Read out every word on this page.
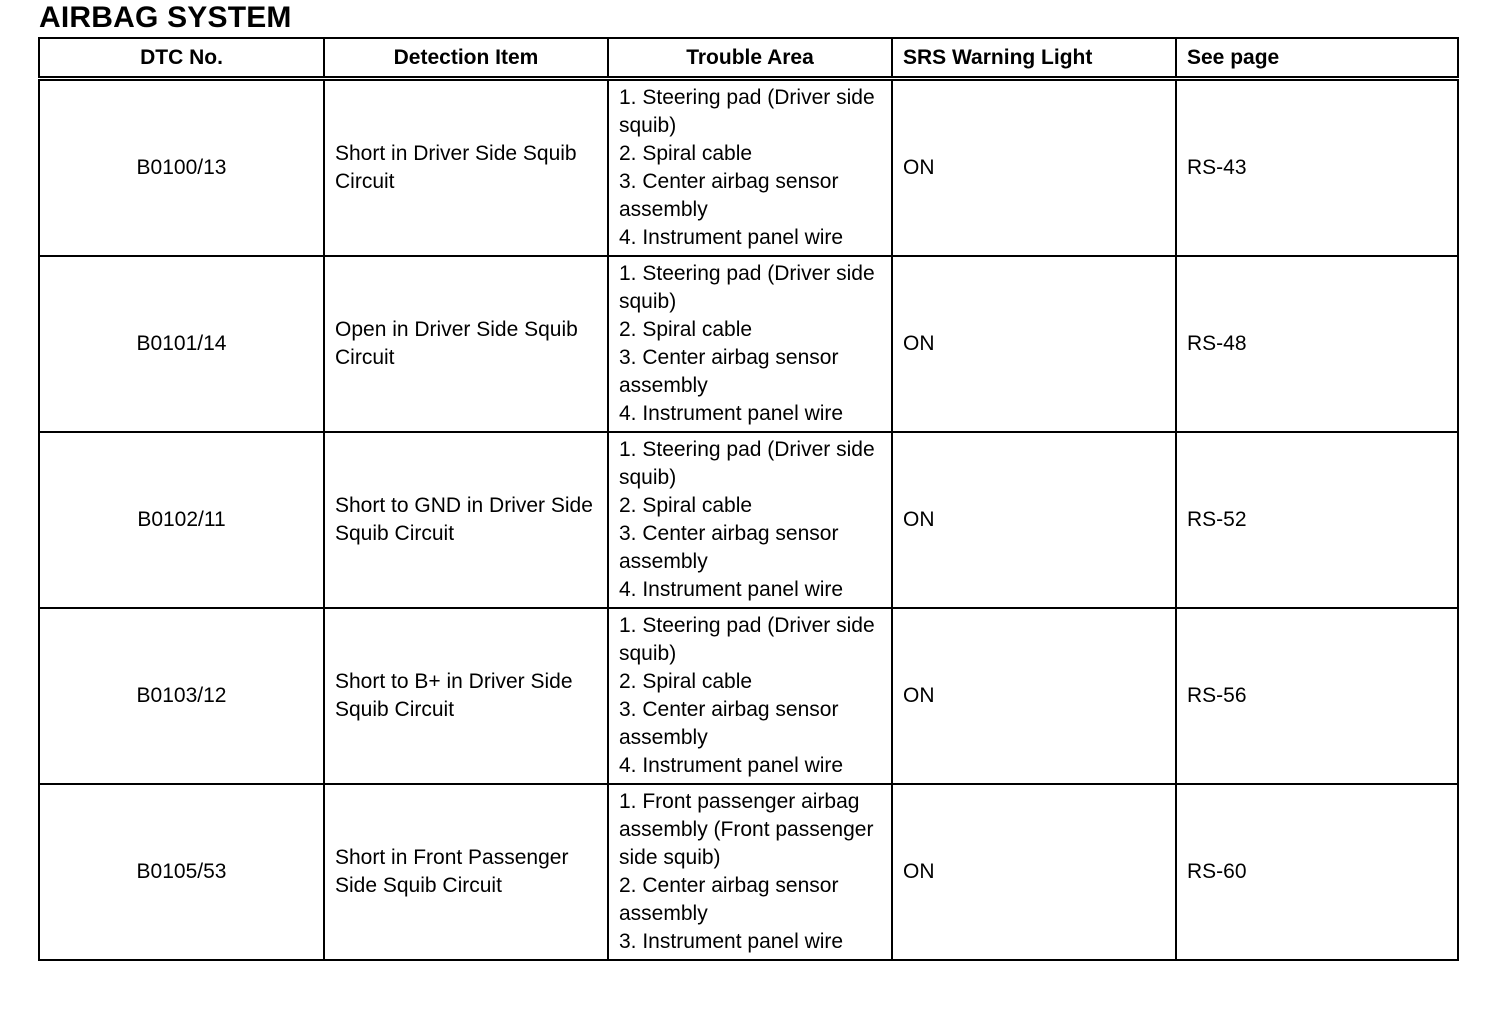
AIRBAG SYSTEM
DTC No.	Detection Item	Trouble Area	SRS Warning Light	See page
B0100/13	Short in Driver Side Squib Circuit	1. Steering pad (Driver side squib)
2. Spiral cable
3. Center airbag sensor assembly
4. Instrument panel wire	ON	RS-43
B0101/14	Open in Driver Side Squib Circuit	1. Steering pad (Driver side squib)
2. Spiral cable
3. Center airbag sensor assembly
4. Instrument panel wire	ON	RS-48
B0102/11	Short to GND in Driver Side Squib Circuit	1. Steering pad (Driver side squib)
2. Spiral cable
3. Center airbag sensor assembly
4. Instrument panel wire	ON	RS-52
B0103/12	Short to B+ in Driver Side Squib Circuit	1. Steering pad (Driver side squib)
2. Spiral cable
3. Center airbag sensor assembly
4. Instrument panel wire	ON	RS-56
B0105/53	Short in Front Passenger Side Squib Circuit	1. Front passenger airbag assembly (Front passenger side squib)
2. Center airbag sensor assembly
3. Instrument panel wire	ON	RS-60
